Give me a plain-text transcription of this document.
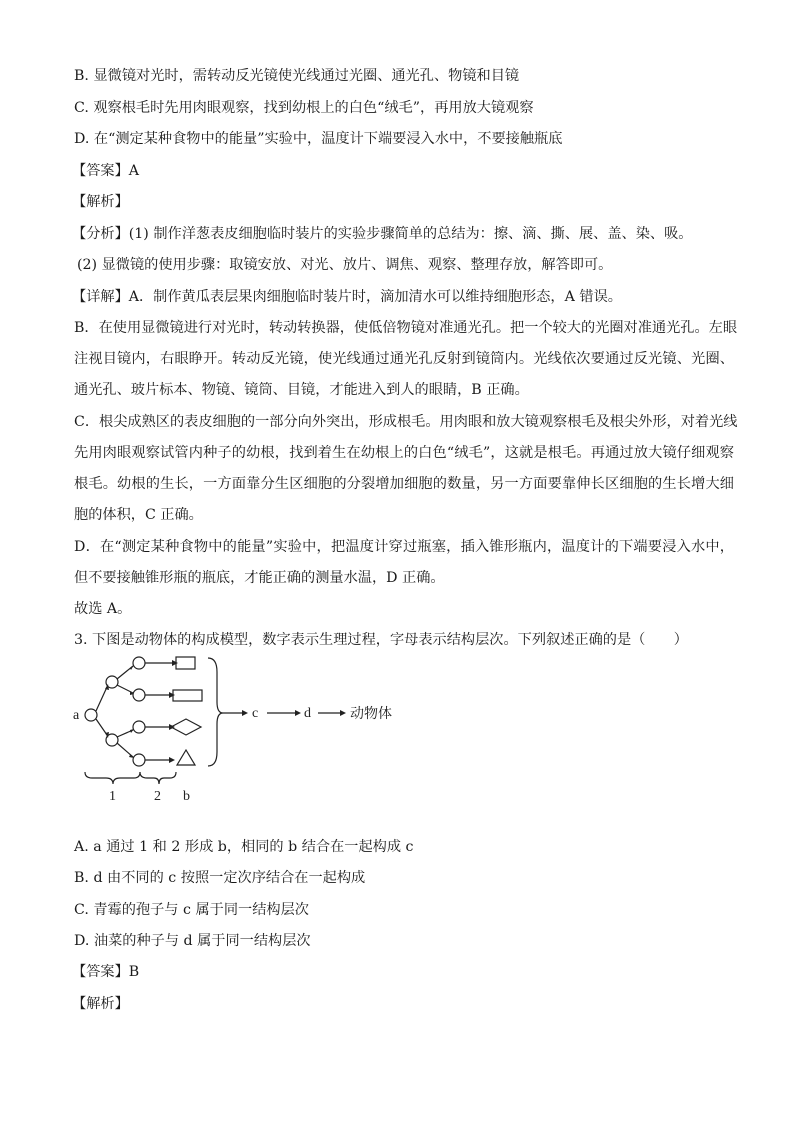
B. 显微镜对光时，需转动反光镜使光线通过光圈、通光孔、物镜和目镜
C. 观察根毛时先用肉眼观察，找到幼根上的白色“绒毛”，再用放大镜观察
D. 在“测定某种食物中的能量”实验中，温度计下端要浸入水中，不要接触瓶底
【答案】A
【解析】
【分析】(1) 制作洋葱表皮细胞临时装片的实验步骤简单的总结为：擦、滴、撕、展、盖、染、吸。
(2) 显微镜的使用步骤：取镜安放、对光、放片、调焦、观察、整理存放，解答即可。
【详解】A．制作黄瓜表层果肉细胞临时装片时，滴加清水可以维持细胞形态，A 错误。
B．在使用显微镜进行对光时，转动转换器，使低倍物镜对准通光孔。把一个较大的光圈对准通光孔。左眼
注视目镜内，右眼睁开。转动反光镜，使光线通过通光孔反射到镜筒内。光线依次要通过反光镜、光圈、
通光孔、玻片标本、物镜、镜筒、目镜，才能进入到人的眼睛，B 正确。
C．根尖成熟区的表皮细胞的一部分向外突出，形成根毛。用肉眼和放大镜观察根毛及根尖外形，对着光线
先用肉眼观察试管内种子的幼根，找到着生在幼根上的白色“绒毛”，这就是根毛。再通过放大镜仔细观察
根毛。幼根的生长，一方面靠分生区细胞的分裂增加细胞的数量，另一方面要靠伸长区细胞的生长增大细
胞的体积，C 正确。
D．在“测定某种食物中的能量”实验中，把温度计穿过瓶塞，插入锥形瓶内，温度计的下端要浸入水中，
但不要接触锥形瓶的瓶底，才能正确的测量水温，D 正确。
故选 A。
3. 下图是动物体的构成模型，数字表示生理过程，字母表示结构层次。下列叙述正确的是（　　）
a	c	d	动物体
1	2 b
A. a 通过 1 和 2 形成 b，相同的 b 结合在一起构成 c
B. d 由不同的 c 按照一定次序结合在一起构成
C. 青霉的孢子与 c 属于同一结构层次
D. 油菜的种子与 d 属于同一结构层次
【答案】B
【解析】
